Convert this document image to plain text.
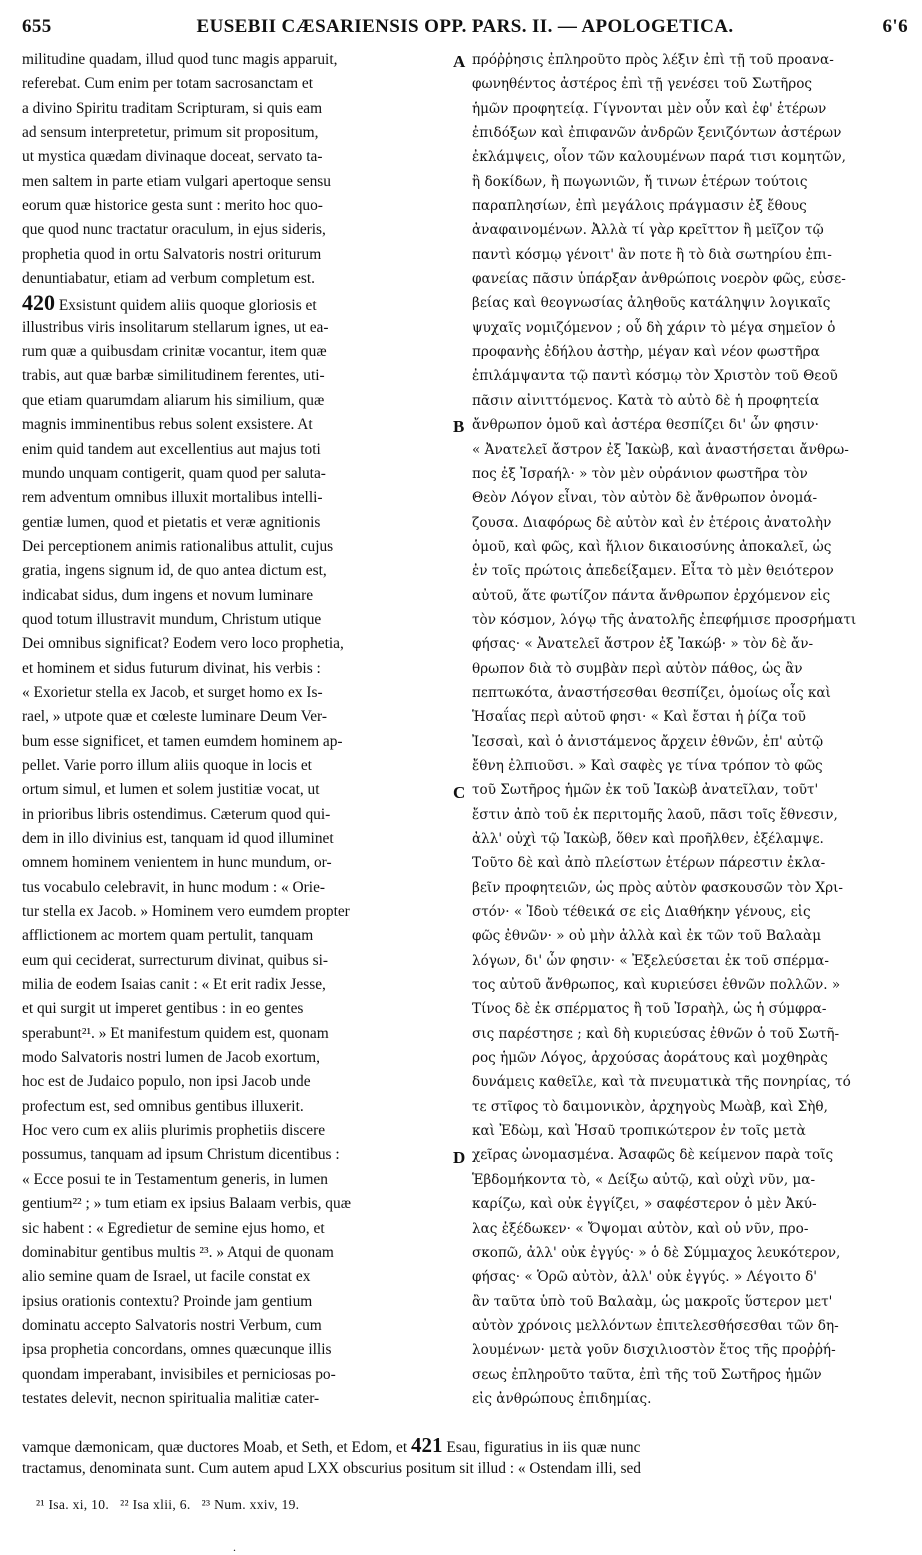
655	EUSEBII CÆSARIENSIS OPP. PARS. II. — APOLOGETICA.	6'6
militudine quadam, illud quod tunc magis apparuit,
referebat. Cum enim per totam sacrosanctam et
a divino Spiritu traditam Scripturam, si quis eam
ad sensum interpretetur, primum sit propositum,
ut mystica quædam divinaque doceat, servato ta-
men saltem in parte etiam vulgari apertoque sensu
eorum quæ historice gesta sunt : merito hoc quo-
que quod nunc tractatur oraculum, in ejus sideris,
prophetia quod in ortu Salvatoris nostri oriturum
denuntiabatur, etiam ad verbum completum est.
420 Exsistunt quidem aliis quoque gloriosis et
illustribus viris insolitarum stellarum ignes, ut ea-
rum quæ a quibusdam crinitæ vocantur, item quæ
trabis, aut quæ barbæ similitudinem ferentes, uti-
que etiam quarumdam aliarum his similium, quæ
magnis imminentibus rebus solent exsistere. At
enim quid tandem aut excellentius aut majus toti
mundo unquam contigerit, quam quod per saluta-
rem adventum omnibus illuxit mortalibus intelli-
gentiæ lumen, quod et pietatis et veræ agnitionis
Dei perceptionem animis rationalibus attulit, cujus
gratia, ingens signum id, de quo antea dictum est,
indicabat sidus, dum ingens et novum luminare
quod totum illustravit mundum, Christum utique
Dei omnibus significat? Eodem vero loco prophetia,
et hominem et sidus futurum divinat, his verbis :
« Exorietur stella ex Jacob, et surget homo ex Is-
rael, » utpote quæ et cœleste luminare Deum Ver-
bum esse significet, et tamen eumdem hominem ap-
pellet. Varie porro illum aliis quoque in locis et
ortum simul, et lumen et solem justitiæ vocat, ut
in prioribus libris ostendimus. Cæterum quod qui-
dem in illo divinius est, tanquam id quod illuminet
omnem hominem venientem in hunc mundum, or-
tus vocabulo celebravit, in hunc modum : « Orie-
tur stella ex Jacob. » Hominem vero eumdem propter
afflictionem ac mortem quam pertulit, tanquam
eum qui ceciderat, surrecturum divinat, quibus si-
milia de eodem Isaias canit : « Et erit radix Jesse,
et qui surgit ut imperet gentibus : in eo gentes
sperabunt²¹. » Et manifestum quidem est, quonam
modo Salvatoris nostri lumen de Jacob exortum,
hoc est de Judaico populo, non ipsi Jacob unde
profectum est, sed omnibus gentibus illuxerit.
Hoc vero cum ex aliis plurimis prophetiis discere
possumus, tanquam ad ipsum Christum dicentibus :
« Ecce posui te in Testamentum generis, in lumen
gentium²² ; » tum etiam ex ipsius Balaam verbis, quæ
sic habent : « Egredietur de semine ejus homo, et
dominabitur gentibus multis ²³. » Atqui de quonam
alio semine quam de Israel, ut facile constat ex
ipsius orationis contextu? Proinde jam gentium
dominatu accepto Salvatoris nostri Verbum, cum
ipsa prophetia concordans, omnes quæcunque illis
quondam imperabant, invisibiles et perniciosas po-
testates delevit, necnon spiritualia malitiæ cater-
πρόῤῥησις ἐπληροῦτο πρὸς λέξιν ἐπὶ τῇ τοῦ προανα-
φωνηθέντος ἀστέρος ἐπὶ τῇ γενέσει τοῦ Σωτῆρος
ἡμῶν προφητείᾳ. Γίγνονται μὲν οὖν καὶ ἐφ' ἑτέρων
ἐπιδόξων καὶ ἐπιφανῶν ἀνδρῶν ξενιζόντων ἀστέρων
ἐκλάμψεις, οἷον τῶν καλουμένων παρά τισι κομητῶν,
ἢ δοκίδων, ἢ πωγωνιῶν, ἤ τινων ἑτέρων τούτοις
παραπλησίων, ἐπὶ μεγάλοις πράγμασιν ἐξ ἔθους
ἀναφαινομένων. Ἀλλὰ τί γὰρ κρεῖττον ἢ μεῖζον τῷ
παντὶ κόσμῳ γένοιτ' ἂν ποτε ἢ τὸ διὰ σωτηρίου ἐπι-
φανείας πᾶσιν ὑπάρξαν ἀνθρώποις νοερὸν φῶς, εὐσε-
βείας καὶ θεογνωσίας ἀληθοῦς κατάληψιν λογικαῖς
ψυχαῖς νομιζόμενον ; οὗ δὴ χάριν τὸ μέγα σημεῖον ὁ
προφανὴς ἐδήλου ἀστὴρ, μέγαν καὶ νέον φωστῆρα
ἐπιλάμψαντα τῷ παντὶ κόσμῳ τὸν Χριστὸν τοῦ Θεοῦ
πᾶσιν αἰνιττόμενος. Κατὰ τὸ αὐτὸ δὲ ἡ προφητεία
ἄνθρωπον ὁμοῦ καὶ ἀστέρα θεσπίζει δι' ὧν φησιν·
« Ἀνατελεῖ ἄστρον ἐξ Ἰακὼβ, καὶ ἀναστήσεται ἄνθρω-
πος ἐξ Ἰσραήλ· » τὸν μὲν οὐράνιον φωστῆρα τὸν
Θεὸν Λόγον εἶναι, τὸν αὐτὸν δὲ ἄνθρωπον ὀνομά-
ζουσα. Διαφόρως δὲ αὐτὸν καὶ ἐν ἑτέροις ἀνατολὴν
ὁμοῦ, καὶ φῶς, καὶ ἥλιον δικαιοσύνης ἀποκαλεῖ, ὡς
ἐν τοῖς πρώτοις ἀπεδείξαμεν. Εἶτα τὸ μὲν θειότερον
αὐτοῦ, ἅτε φωτίζον πάντα ἄνθρωπον ἐρχόμενον εἰς
τὸν κόσμον, λόγῳ τῆς ἀνατολῆς ἐπεφήμισε προσρήματι
φήσας· « Ἀνατελεῖ ἄστρον ἐξ Ἰακώβ· » τὸν δὲ ἄν-
θρωπον διὰ τὸ συμβὰν περὶ αὐτὸν πάθος, ὡς ἂν
πεπτωκότα, ἀναστήσεσθαι θεσπίζει, ὁμοίως οἷς καὶ
Ἡσαΐας περὶ αὐτοῦ φησι· « Καὶ ἔσται ἡ ῥίζα τοῦ
Ἰεσσαὶ, καὶ ὁ ἀνιστάμενος ἄρχειν ἐθνῶν, ἐπ' αὐτῷ
ἔθνη ἐλπιοῦσι. » Καὶ σαφὲς γε τίνα τρόπον τὸ φῶς
τοῦ Σωτῆρος ἡμῶν ἐκ τοῦ Ἰακὼβ ἀνατεῖλαν, τοῦτ'
ἔστιν ἀπὸ τοῦ ἐκ περιτομῆς λαοῦ, πᾶσι τοῖς ἔθνεσιν,
ἀλλ' οὐχὶ τῷ Ἰακὼβ, ὅθεν καὶ προῆλθεν, ἐξέλαμψε.
Τοῦτο δὲ καὶ ἀπὸ πλείστων ἑτέρων πάρεστιν ἐκλα-
βεῖν προφητειῶν, ὡς πρὸς αὐτὸν φασκουσῶν τὸν Χρι-
στόν· « Ἰδοὺ τέθεικά σε εἰς Διαθήκην γένους, εἰς
φῶς ἐθνῶν· » οὐ μὴν ἀλλὰ καὶ ἐκ τῶν τοῦ Βαλαὰμ
λόγων, δι' ὧν φησιν· « Ἐξελεύσεται ἐκ τοῦ σπέρμα-
τος αὐτοῦ ἄνθρωπος, καὶ κυριεύσει ἐθνῶν πολλῶν. »
Τίνος δὲ ἐκ σπέρματος ἢ τοῦ Ἰσραὴλ, ὡς ἡ σύμφρα-
σις παρέστησε ; καὶ δὴ κυριεύσας ἐθνῶν ὁ τοῦ Σωτῆ-
ρος ἡμῶν Λόγος, ἀρχούσας ἀοράτους καὶ μοχθηρὰς
δυνάμεις καθεῖλε, καὶ τὰ πνευματικὰ τῆς πονηρίας, τό
τε στῖφος τὸ δαιμονικὸν, ἀρχηγοὺς Μωὰβ, καὶ Σὴθ,
καὶ Ἐδὼμ, καὶ Ἡσαῦ τροπικώτερον ἐν τοῖς μετὰ
χεῖρας ὠνομασμένα. Ἀσαφῶς δὲ κείμενον παρὰ τοῖς
Ἑβδομήκοντα τὸ, « Δείξω αὐτῷ, καὶ οὐχὶ νῦν, μα-
καρίζω, καὶ οὐκ ἐγγίζει, » σαφέστερον ὁ μὲν Ἀκύ-
λας ἐξέδωκεν· « Ὄψομαι αὐτὸν, καὶ οὐ νῦν, προ-
σκοπῶ, ἀλλ' οὐκ ἐγγύς· » ὁ δὲ Σύμμαχος λευκότερον,
φήσας· « Ὁρῶ αὐτὸν, ἀλλ' οὐκ ἐγγύς. » Λέγοιτο δ'
ἂν ταῦτα ὑπὸ τοῦ Βαλαὰμ, ὡς μακροῖς ὕστερον μετ'
αὐτὸν χρόνοις μελλόντων ἐπιτελεσθήσεσθαι τῶν δη-
λουμένων· μετὰ γοῦν δισχιλιοστὸν ἔτος τῆς προῤῥή-
σεως ἐπληροῦτο ταῦτα, ἐπὶ τῆς τοῦ Σωτῆρος ἡμῶν
εἰς ἀνθρώπους ἐπιδημίας.
A
B
C
D
vamque dæmonicam, quæ ductores Moab, et Seth, et Edom, et 421 Esau, figuratius in iis quæ nunc
tractamus, denominata sunt. Cum autem apud LXX obscurius positum sit illud : « Ostendam illi, sed
²¹ Isa. xi, 10.   ²² Isa xlii, 6.   ²³ Num. xxiv, 19.
.
